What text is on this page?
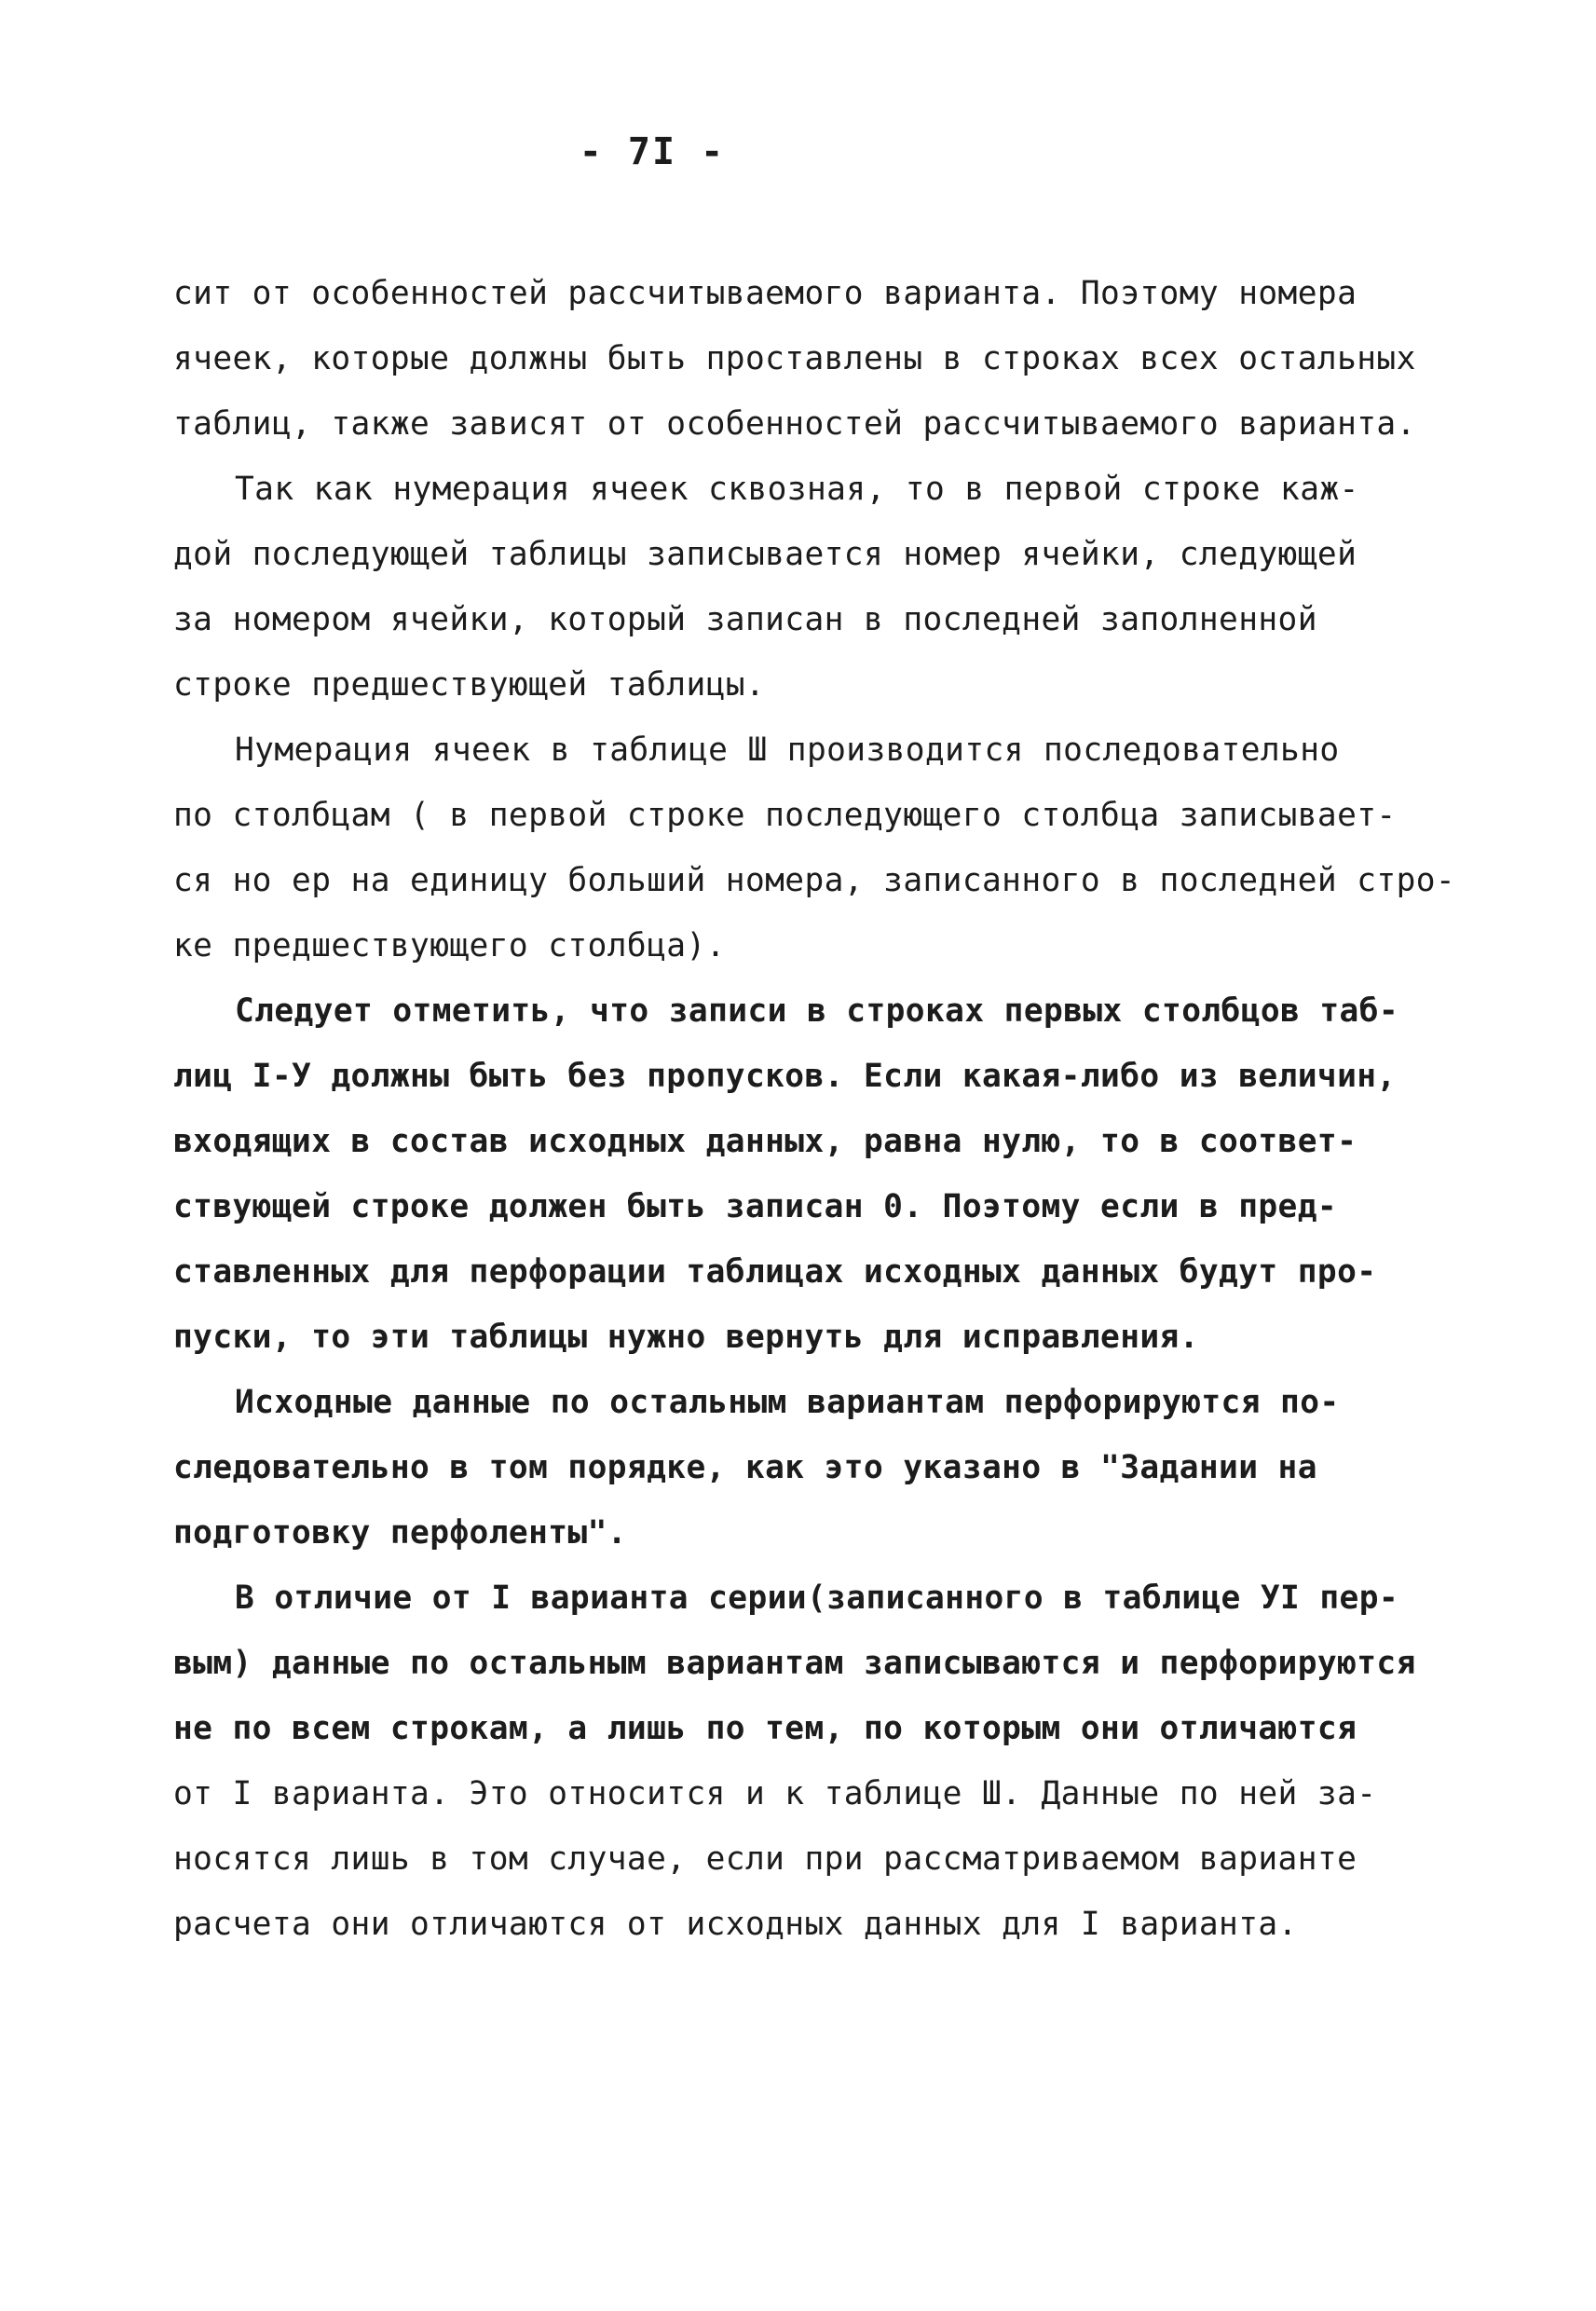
- 7I -
сит от особенностей рассчитываемого варианта. Поэтому номера
ячеек, которые должны быть проставлены в строках всех остальных
таблиц, также зависят от особенностей рассчитываемого варианта.
Так как нумерация ячеек сквозная, то в первой строке каж-
дой последующей таблицы записывается номер ячейки, следующей
за номером ячейки, который записан в последней заполненной
строке предшествующей таблицы.
Нумерация ячеек в таблице Ш производится последовательно
по столбцам ( в первой строке последующего столбца записывает-
ся но ер на единицу больший номера, записанного в последней стро-
ке предшествующего столбца).
Следует отметить, что записи в строках первых столбцов таб-
лиц I-У должны быть без пропусков. Если какая-либо из величин,
входящих в состав исходных данных, равна нулю, то в соответ-
ствующей строке должен быть записан 0. Поэтому если в пред-
ставленных для перфорации таблицах исходных данных будут про-
пуски, то эти таблицы нужно вернуть для исправления.
Исходные данные по остальным вариантам перфорируются по-
следовательно в том порядке, как это указано в "Задании на
подготовку перфоленты".
В отличие от I варианта серии(записанного в таблице УI пер-
вым) данные по остальным вариантам записываются и перфорируются
не по всем строкам, а лишь по тем, по которым они отличаются
от I варианта. Это относится и к таблице Ш. Данные по ней за-
носятся лишь в том случае, если при рассматриваемом варианте
расчета они отличаются от исходных данных для I варианта.
